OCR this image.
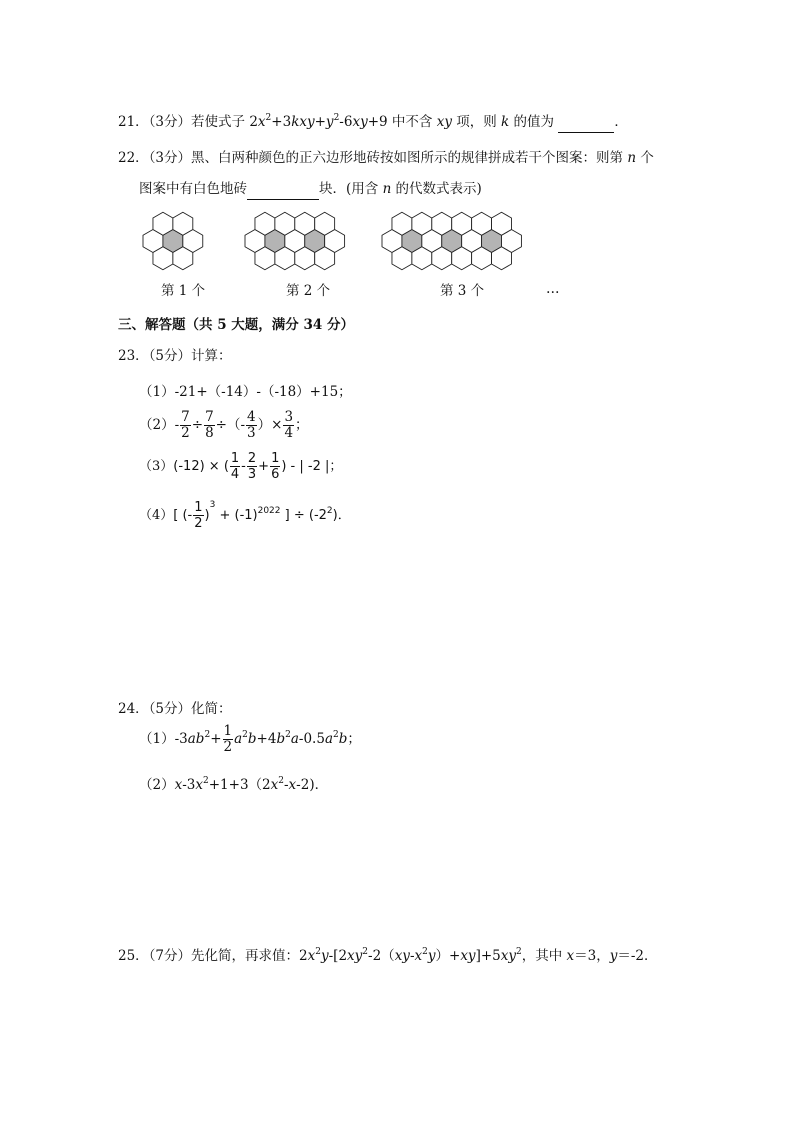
21．（3分）若使式子 $2x^2+3kxy+y^2-6xy+9$ 中不含 xy 项，则 k 的值为	．
22．（3分）黑、白两种颜色的正六边形地砖按如图所示的规律拼成若干个图案：则第 n 个
图案中有白色地砖	块．(用含 n 的代数式表示)
第 1 个	第 2 个	第 3 个	…
三、解答题（共 5 大题，满分 34 分）
23．（5分）计算：
（1）-21+（-14）-（-18）+15；
$(2)- \frac{7}{2} \div \frac{7}{8}$ ÷（- $\frac{4}{3}$ ）× $\frac{3}{4}$ ；
（3）(-12) × ( $\frac{1}{4} - \frac{2}{3} + \frac{1}{6}$ ) - | -2 |；
（4）[ (- $\frac{1}{2} )^3 + (-1)^{2022}$ ] ÷ $(-2^2)$．
24．（5分）化简：
$(1)-3ab^2+ \frac{1}{2} a^2b+4b^2a-0.5a^2b$；
$(2)x-3x^2+1+3(2x^2-x-2)$．
25．（7分）先化简，再求值：$2x^2y-[2xy^2-2(xy-x^2y)+xy]+5xy^2$，其中 x＝3，y＝-2．
